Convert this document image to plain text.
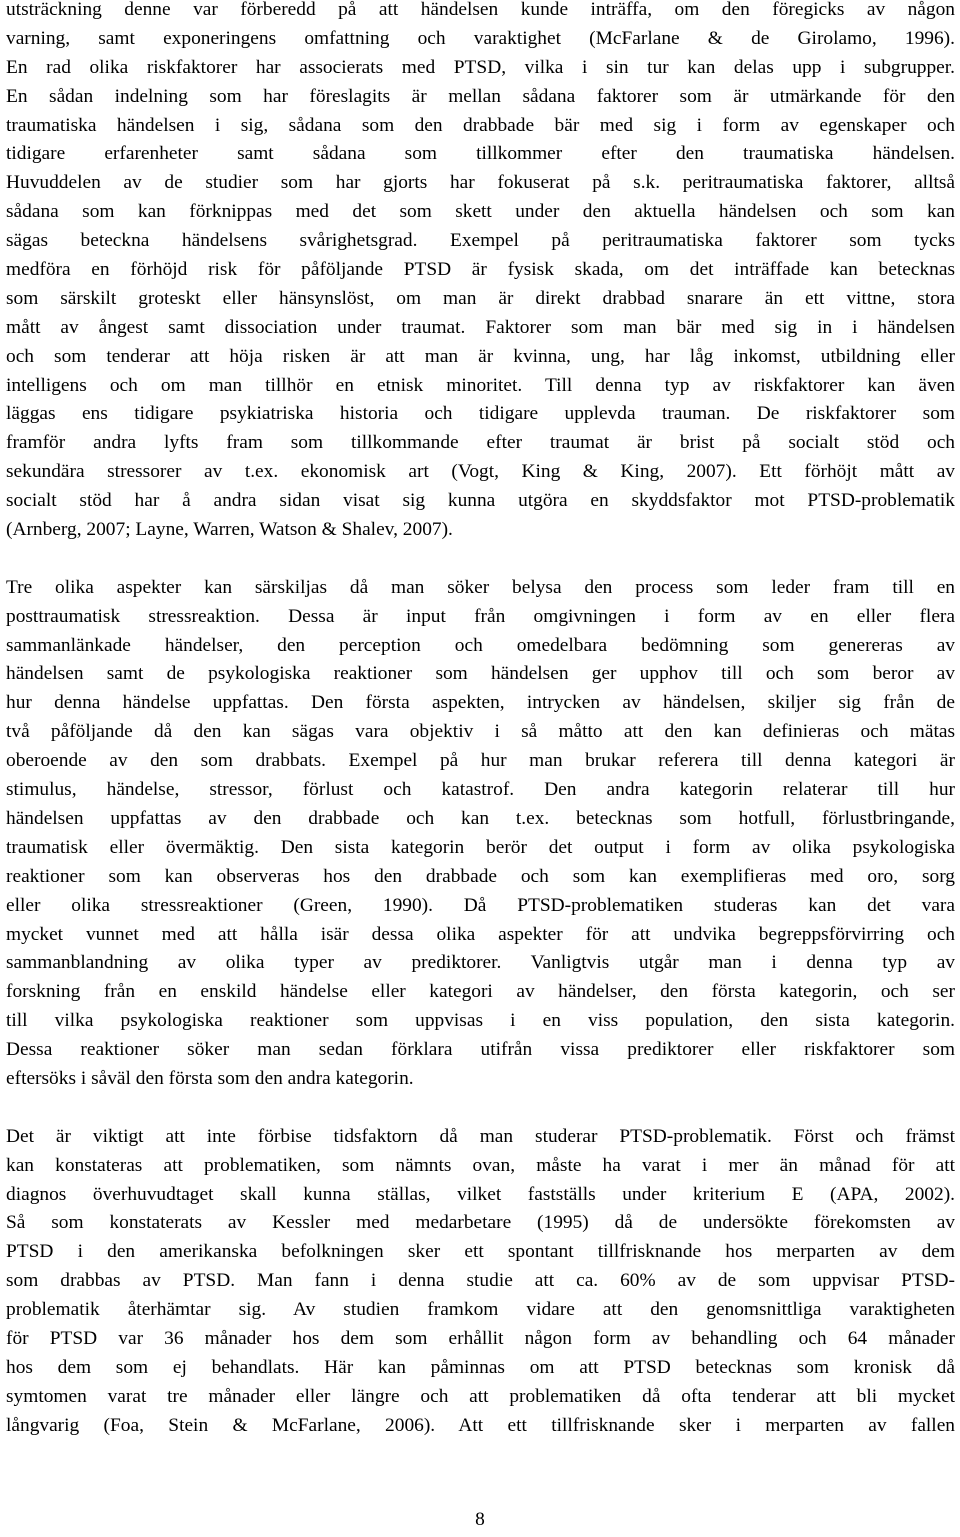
utsträckning denne var förberedd på att händelsen kunde inträffa, om den föregicks av någon
varning, samt exponeringens omfattning och varaktighet (McFarlane & de Girolamo, 1996).
En rad olika riskfaktorer har associerats med PTSD, vilka i sin tur kan delas upp i subgrupper.
En sådan indelning som har föreslagits är mellan sådana faktorer som är utmärkande för den
traumatiska händelsen i sig, sådana som den drabbade bär med sig i form av egenskaper och
tidigare erfarenheter samt sådana som tillkommer efter den traumatiska händelsen.
Huvuddelen av de studier som har gjorts har fokuserat på s.k. peritraumatiska faktorer, alltså
sådana som kan förknippas med det som skett under den aktuella händelsen och som kan
sägas beteckna händelsens svårighetsgrad. Exempel på peritraumatiska faktorer som tycks
medföra en förhöjd risk för påföljande PTSD är fysisk skada, om det inträffade kan betecknas
som särskilt groteskt eller hänsynslöst, om man är direkt drabbad snarare än ett vittne, stora
mått av ångest samt dissociation under traumat. Faktorer som man bär med sig in i händelsen
och som tenderar att höja risken är att man är kvinna, ung, har låg inkomst, utbildning eller
intelligens och om man tillhör en etnisk minoritet. Till denna typ av riskfaktorer kan även
läggas ens tidigare psykiatriska historia och tidigare upplevda trauman. De riskfaktorer som
framför andra lyfts fram som tillkommande efter traumat är brist på socialt stöd och
sekundära stressorer av t.ex. ekonomisk art (Vogt, King & King, 2007). Ett förhöjt mått av
socialt stöd har å andra sidan visat sig kunna utgöra en skyddsfaktor mot PTSD-problematik
(Arnberg, 2007; Layne, Warren, Watson & Shalev, 2007).
Tre olika aspekter kan särskiljas då man söker belysa den process som leder fram till en
posttraumatisk stressreaktion. Dessa är input från omgivningen i form av en eller flera
sammanlänkade händelser, den perception och omedelbara bedömning som genereras av
händelsen samt de psykologiska reaktioner som händelsen ger upphov till och som beror av
hur denna händelse uppfattas. Den första aspekten, intrycken av händelsen, skiljer sig från de
två påföljande då den kan sägas vara objektiv i så måtto att den kan definieras och mätas
oberoende av den som drabbats. Exempel på hur man brukar referera till denna kategori är
stimulus, händelse, stressor, förlust och katastrof. Den andra kategorin relaterar till hur
händelsen uppfattas av den drabbade och kan t.ex. betecknas som hotfull, förlustbringande,
traumatisk eller övermäktig. Den sista kategorin berör det output i form av olika psykologiska
reaktioner som kan observeras hos den drabbade och som kan exemplifieras med oro, sorg
eller olika stressreaktioner (Green, 1990). Då PTSD-problematiken studeras kan det vara
mycket vunnet med att hålla isär dessa olika aspekter för att undvika begreppsförvirring och
sammanblandning av olika typer av prediktorer. Vanligtvis utgår man i denna typ av
forskning från en enskild händelse eller kategori av händelser, den första kategorin, och ser
till vilka psykologiska reaktioner som uppvisas i en viss population, den sista kategorin.
Dessa reaktioner söker man sedan förklara utifrån vissa prediktorer eller riskfaktorer som
eftersöks i såväl den första som den andra kategorin.
Det är viktigt att inte förbise tidsfaktorn då man studerar PTSD-problematik. Först och främst
kan konstateras att problematiken, som nämnts ovan, måste ha varat i mer än månad för att
diagnos överhuvudtaget skall kunna ställas, vilket fastställs under kriterium E (APA, 2002).
Så som konstaterats av Kessler med medarbetare (1995) då de undersökte förekomsten av
PTSD i den amerikanska befolkningen sker ett spontant tillfrisknande hos merparten av dem
som drabbas av PTSD. Man fann i denna studie att ca. 60% av de som uppvisar PTSD-
problematik återhämtar sig. Av studien framkom vidare att den genomsnittliga varaktigheten
för PTSD var 36 månader hos dem som erhållit någon form av behandling och 64 månader
hos dem som ej behandlats. Här kan påminnas om att PTSD betecknas som kronisk då
symtomen varat tre månader eller längre och att problematiken då ofta tenderar att bli mycket
långvarig (Foa, Stein & McFarlane, 2006). Att ett tillfrisknande sker i merparten av fallen
8
